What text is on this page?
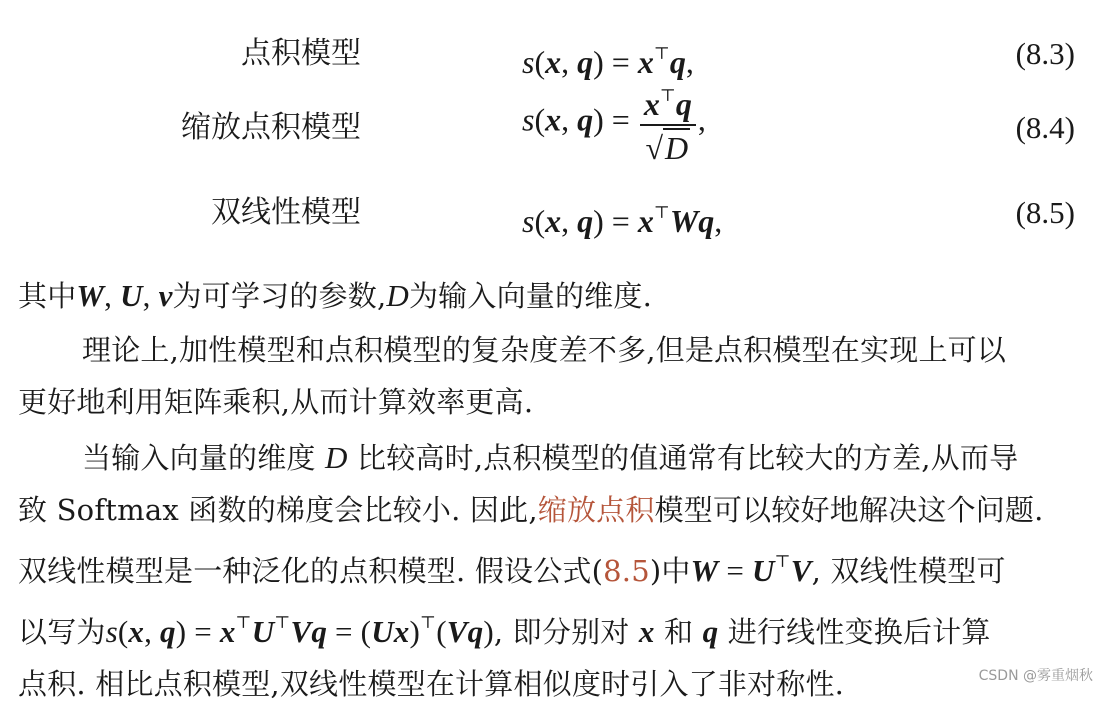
点积模型	s(x, q) = x⊤q,	(8.3)
缩放点积模型	s(x, $q) = \frac{x^⊤q}{√D}$ ,	(8.4)
双线性模型	s(x, q) = x⊤Wq,	(8.5)
其中W, U, v为可学习的参数,D为输入向量的维度.
理论上,加性模型和点积模型的复杂度差不多,但是点积模型在实现上可以
更好地利用矩阵乘积,从而计算效率更高.
当输入向量的维度 D 比较高时,点积模型的值通常有比较大的方差,从而导
致 Softmax 函数的梯度会比较小. 因此,缩放点积模型可以较好地解决这个问题.
双线性模型是一种泛化的点积模型. 假设公式(8.5)中W = U⊤V, 双线性模型可
以写为s(x, q) = x⊤U⊤Vq = (Ux)⊤(Vq), 即分别对 x 和 q 进行线性变换后计算
点积. 相比点积模型,双线性模型在计算相似度时引入了非对称性.	CSDN @雾重烟秋
